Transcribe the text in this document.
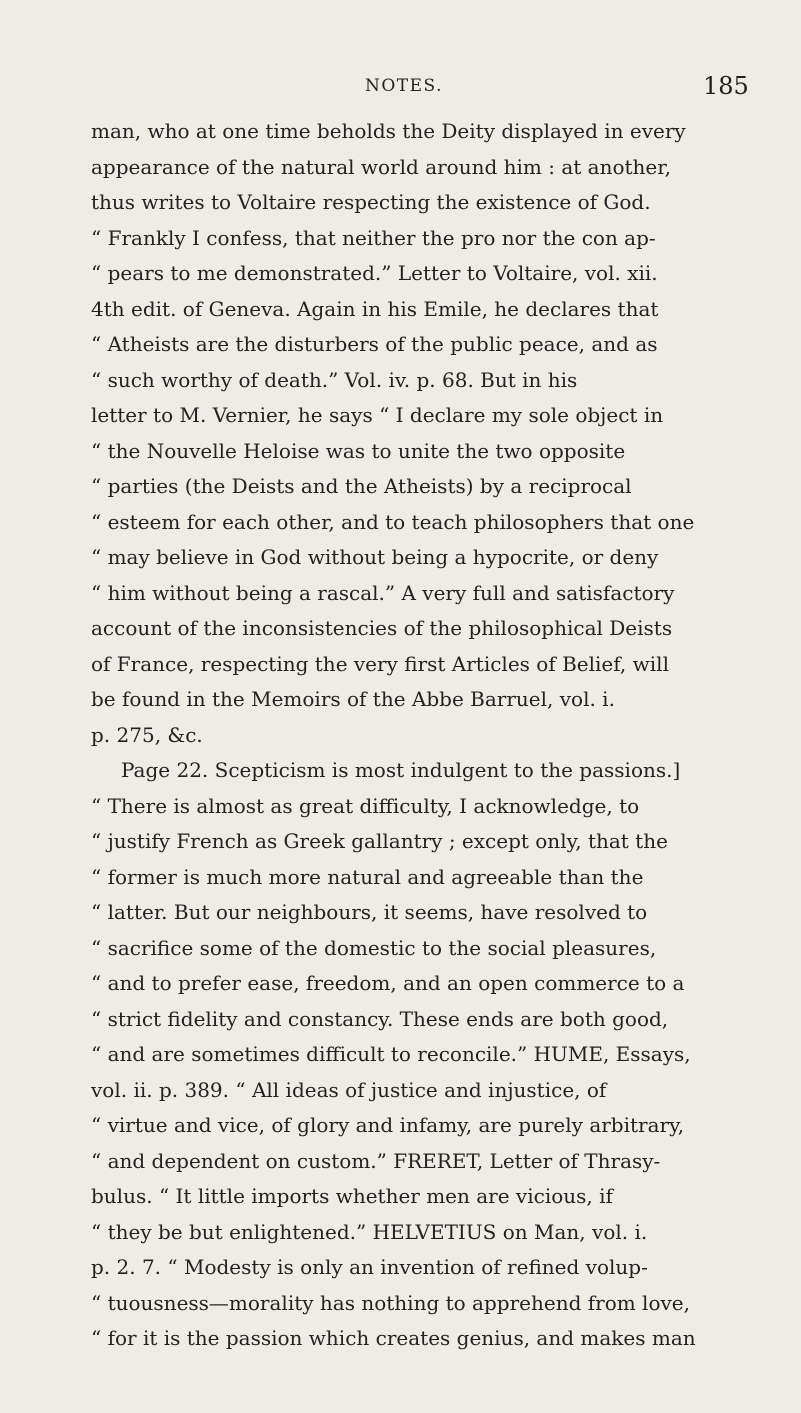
NOTES.	185
man, who at one time beholds the Deity displayed in every
appearance of the natural world around him : at another,
thus writes to Voltaire respecting the existence of God.
“ Frankly I confess, that neither the pro nor the con ap-
“ pears to me demonstrated.” Letter to Voltaire, vol. xii.
4th edit. of Geneva. Again in his Emile, he declares that
“ Atheists are the disturbers of the public peace, and as
“ such worthy of death.” Vol. iv. p. 68. But in his
letter to M. Vernier, he says “ I declare my sole object in
“ the Nouvelle Heloise was to unite the two opposite
“ parties (the Deists and the Atheists) by a reciprocal
“ esteem for each other, and to teach philosophers that one
“ may believe in God without being a hypocrite, or deny
“ him without being a rascal.” A very full and satisfactory
account of the inconsistencies of the philosophical Deists
of France, respecting the very first Articles of Belief, will
be found in the Memoirs of the Abbe Barruel, vol. i.
p. 275, &c.
Page 22. Scepticism is most indulgent to the passions.]
“ There is almost as great difficulty, I acknowledge, to
“ justify French as Greek gallantry ; except only, that the
“ former is much more natural and agreeable than the
“ latter. But our neighbours, it seems, have resolved to
“ sacrifice some of the domestic to the social pleasures,
“ and to prefer ease, freedom, and an open commerce to a
“ strict fidelity and constancy. These ends are both good,
“ and are sometimes difficult to reconcile.” HUME, Essays,
vol. ii. p. 389. “ All ideas of justice and injustice, of
“ virtue and vice, of glory and infamy, are purely arbitrary,
“ and dependent on custom.” FRERET, Letter of Thrasy-
bulus. “ It little imports whether men are vicious, if
“ they be but enlightened.” HELVETIUS on Man, vol. i.
p. 2. 7. “ Modesty is only an invention of refined volup-
“ tuousness—morality has nothing to apprehend from love,
“ for it is the passion which creates genius, and makes man
